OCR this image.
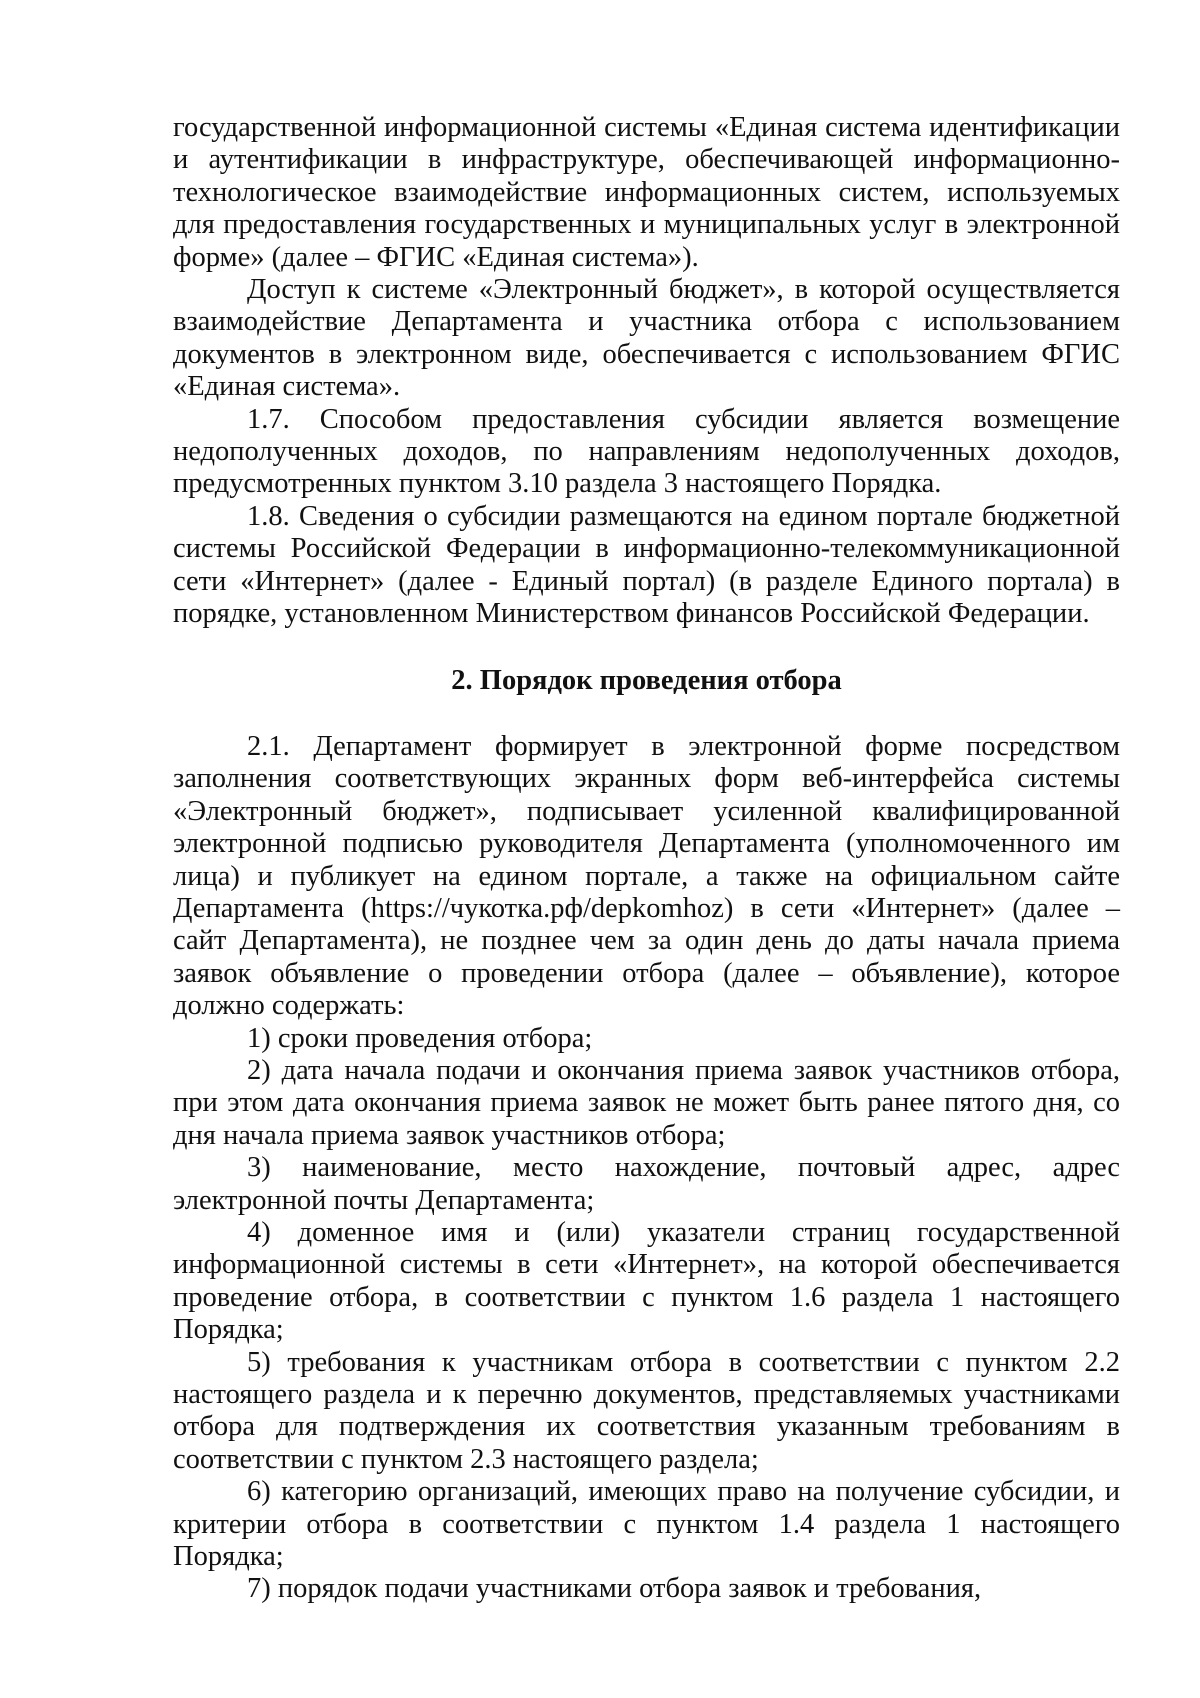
государственной информационной системы «Единая система идентификации и аутентификации в инфраструктуре, обеспечивающей информационно-технологическое взаимодействие информационных систем, используемых для предоставления государственных и муниципальных услуг в электронной форме» (далее – ФГИС «Единая система»).

Доступ к системе «Электронный бюджет», в которой осуществляется взаимодействие Департамента и участника отбора с использованием документов в электронном виде, обеспечивается с использованием ФГИС «Единая система».

1.7. Способом предоставления субсидии является возмещение недополученных доходов, по направлениям недополученных доходов, предусмотренных пунктом 3.10 раздела 3 настоящего Порядка.

1.8. Сведения о субсидии размещаются на едином портале бюджетной системы Российской Федерации в информационно-телекоммуникационной сети «Интернет» (далее - Единый портал) (в разделе Единого портала) в порядке, установленном Министерством финансов Российской Федерации.

2. Порядок проведения отбора

2.1. Департамент формирует в электронной форме посредством заполнения соответствующих экранных форм веб-интерфейса системы «Электронный бюджет», подписывает усиленной квалифицированной электронной подписью руководителя Департамента (уполномоченного им лица) и публикует на едином портале, а также на официальном сайте Департамента (https://чукотка.рф/depkomhoz) в сети «Интернет» (далее – сайт Департамента), не позднее чем за один день до даты начала приема заявок объявление о проведении отбора (далее – объявление), которое должно содержать:

1) сроки проведения отбора;

2) дата начала подачи и окончания приема заявок участников отбора, при этом дата окончания приема заявок не может быть ранее пятого дня, со дня начала приема заявок участников отбора;

3) наименование, место нахождение, почтовый адрес, адрес электронной почты Департамента;

4) доменное имя и (или) указатели страниц государственной информационной системы в сети «Интернет», на которой обеспечивается проведение отбора, в соответствии с пунктом 1.6 раздела 1 настоящего Порядка;

5) требования к участникам отбора в соответствии с пунктом 2.2 настоящего раздела и к перечню документов, представляемых участниками отбора для подтверждения их соответствия указанным требованиям в соответствии с пунктом 2.3 настоящего раздела;

6) категорию организаций, имеющих право на получение субсидии, и критерии отбора в соответствии с пунктом 1.4 раздела 1 настоящего Порядка;

7) порядок подачи участниками отбора заявок и требования,
